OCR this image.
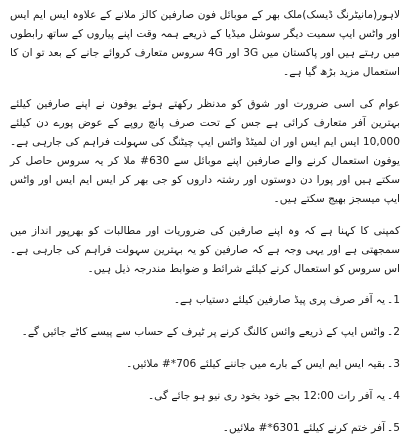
لاہور(مانیٹرنگ ڈیسک)ملک بھر کے موبائل فون صارفین کالز ملانے کے علاوہ ایس ایم ایس اور واٹس ایپ سمیت دیگر سوشل میڈیا کے ذریعے ہمہ وقت اپنے پیاروں کے ساتھ رابطوں میں رہتے ہیں اور پاکستان میں 3G اور 4G سروس متعارف کروائے جانے کے بعد تو ان کا استعمال مزید بڑھ گیا ہے۔

عوام کی اسی ضرورت اور شوق کو مدنظر رکھتے ہوئے یوفون نے اپنے صارفین کیلئے بہترین آفر متعارف کرائی ہے جس کے تحت صرف پانچ روپے کے عوض پورے دن کیلئے 10,000 ایس ایم ایس اور ان لمیٹڈ واٹس ایپ چیٹنگ کی سہولت فراہم کی جارہی ہے۔ یوفون استعمال کرنے والے صارفین اپنے موبائل سے 630# ملا کر یہ سروس حاصل کر سکتے ہیں اور پورا دن دوستوں اور رشتہ داروں کو جی بھر کر ایس ایم ایس اور واٹس ایپ میسجز بھیج سکتے ہیں۔

کمپنی کا کہنا ہے کہ وہ اپنے صارفین کی ضروریات اور مطالبات کو بھرپور انداز میں سمجھتی ہے اور یہی وجہ ہے کہ صارفین کو یہ بہترین سہولت فراہم کی جارہی ہے۔ اس سروس کو استعمال کرنے کیلئے شرائط و ضوابط مندرجہ ذیل ہیں۔

1۔یہ آفر صرف پری پیڈ صارفین کیلئے دستیاب ہے۔
2۔واٹس ایپ کے ذریعے وائس کالنگ کرنے پر ٹیرف کے حساب سے پیسے کاٹے جائیں گے۔
3۔بقیہ ایس ایم ایس کے بارے میں جاننے کیلئے 706*# ملائیں۔
4۔یہ آفر رات 12:00 بجے خود بخود ری نیو ہو جائے گی۔
5۔آفر ختم کرنے کیلئے 6301*# ملائیں۔
